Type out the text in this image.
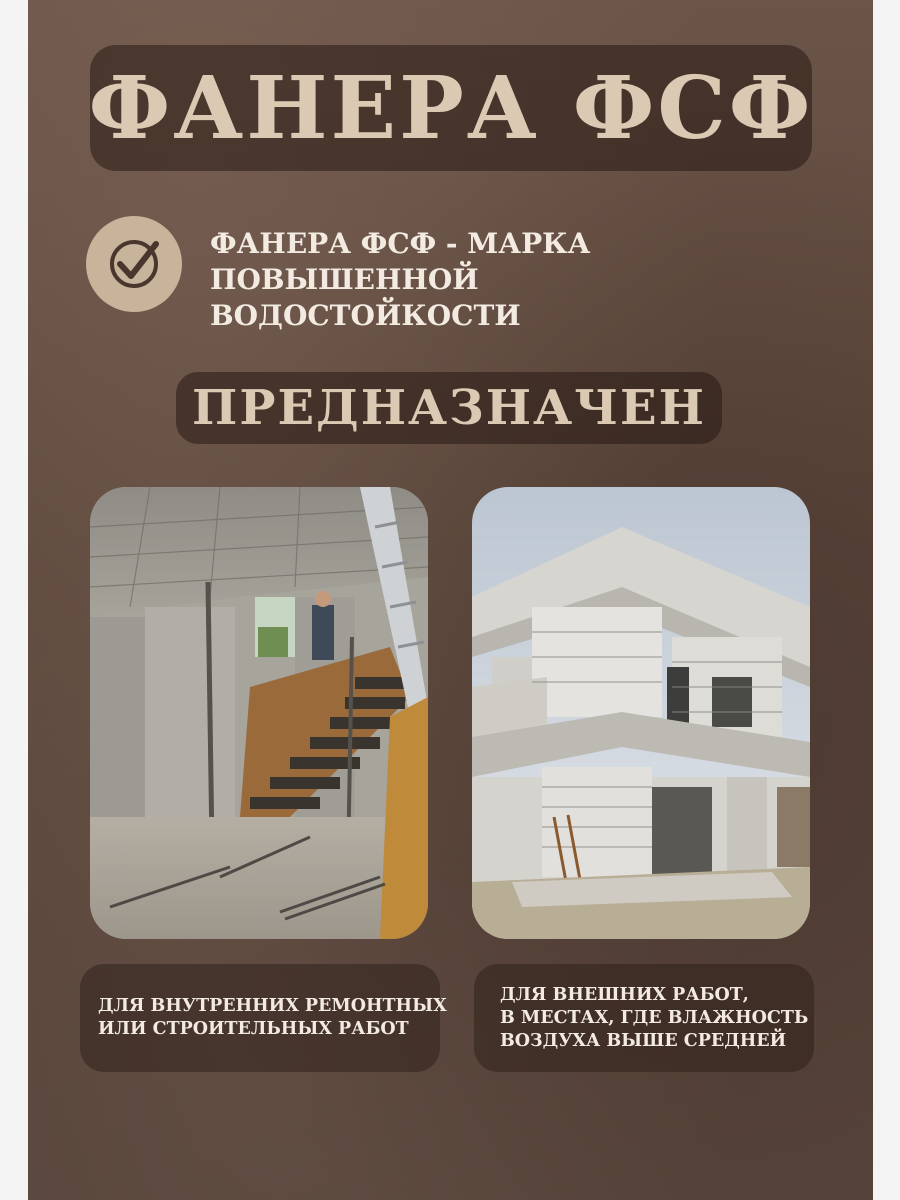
ФАНЕРА ФСФ
ФАНЕРА ФСФ - МАРКА ПОВЫШЕННОЙ
ВОДОСТОЙКОСТИ
ПРЕДНАЗНАЧЕН
ДЛЯ ВНУТРЕННИХ РЕМОНТНЫХ
ИЛИ СТРОИТЕЛЬНЫХ РАБОТ
ДЛЯ ВНЕШНИХ РАБОТ,
В МЕСТАХ, ГДЕ ВЛАЖНОСТЬ
ВОЗДУХА ВЫШЕ СРЕДНЕЙ
